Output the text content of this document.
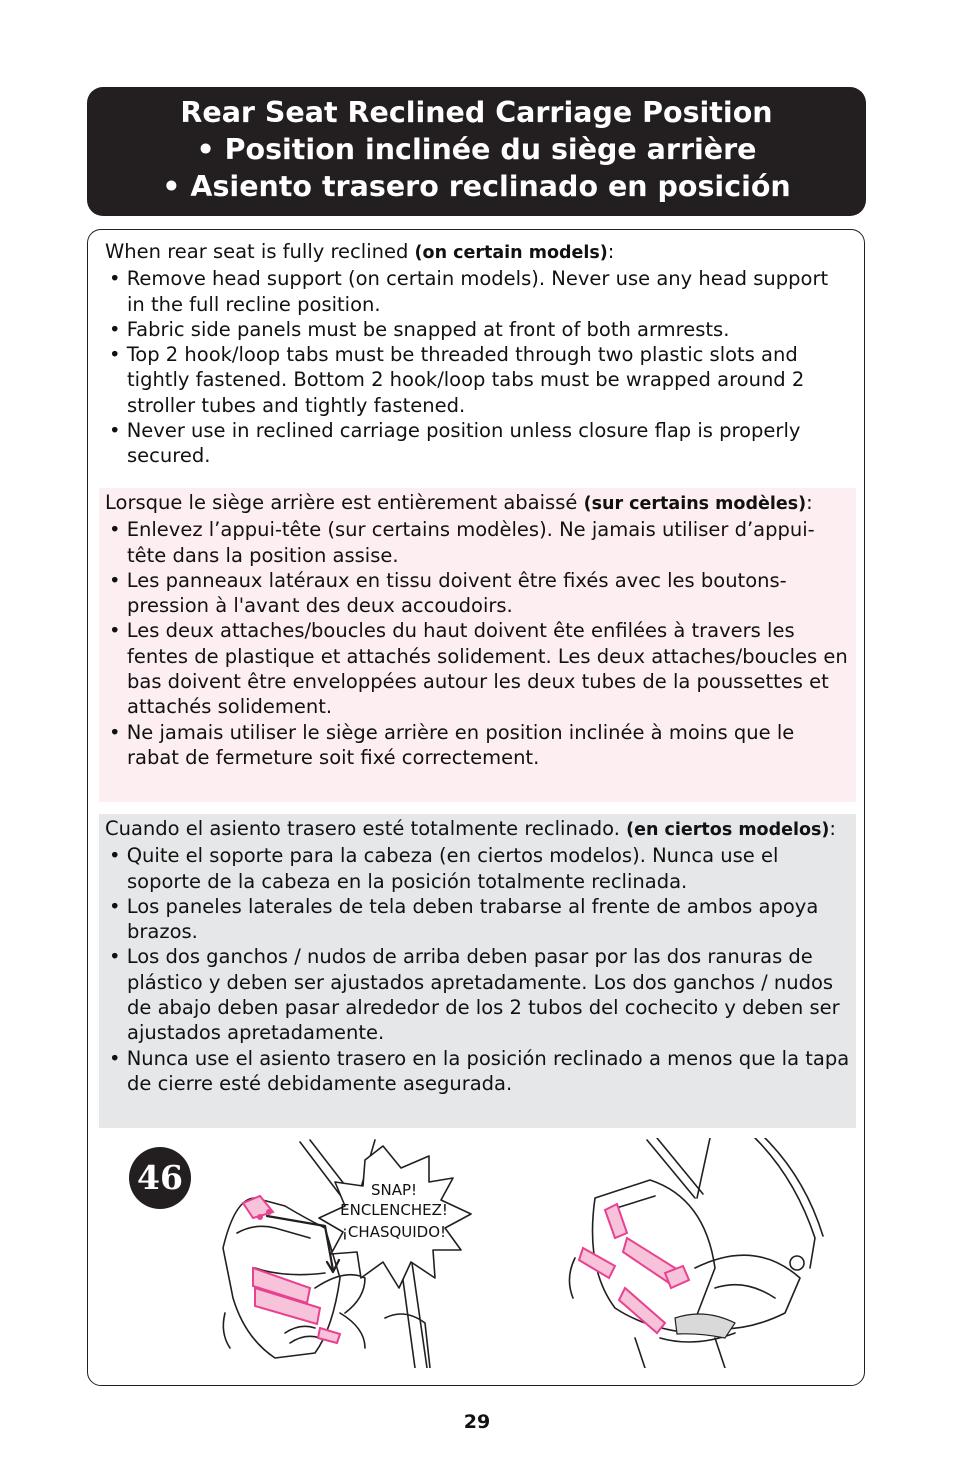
Rear Seat Reclined Carriage Position
• Position inclinée du siège arrière
• Asiento trasero reclinado en posición
When rear seat is fully reclined (on certain models):
• Remove head support (on certain models). Never use any head support in the full recline position.
• Fabric side panels must be snapped at front of both armrests.
• Top 2 hook/loop tabs must be threaded through two plastic slots and tightly fastened. Bottom 2 hook/loop tabs must be wrapped around 2 stroller tubes and tightly fastened.
• Never use in reclined carriage position unless closure flap is properly secured.
Lorsque le siège arrière est entièrement abaissé (sur certains modèles):
• Enlevez l’appui-tête (sur certains modèles). Ne jamais utiliser d’appui-tête dans la position assise.
• Les panneaux latéraux en tissu doivent être fixés avec les boutons-pression à l'avant des deux accoudoirs.
• Les deux attaches/boucles du haut doivent ête enfilées à travers les fentes de plastique et attachés solidement. Les deux attaches/boucles en bas doivent être enveloppées autour les deux tubes de la poussettes et attachés solidement.
• Ne jamais utiliser le siège arrière en position inclinée à moins que le rabat de fermeture soit fixé correctement.
Cuando el asiento trasero esté totalmente reclinado. (en ciertos modelos):
• Quite el soporte para la cabeza (en ciertos modelos). Nunca use el soporte de la cabeza en la posición totalmente reclinada.
• Los paneles laterales de tela deben trabarse al frente de ambos apoya brazos.
• Los dos ganchos / nudos de arriba deben pasar por las dos ranuras de plástico y deben ser ajustados apretadamente. Los dos ganchos / nudos de abajo deben pasar alrededor de los 2 tubos del cochecito y deben ser ajustados apretadamente.
• Nunca use el asiento trasero en la posición reclinado a menos que la tapa de cierre esté debidamente asegurada.
46	SNAP!
ENCLENCHEZ!
¡CHASQUIDO!
29
